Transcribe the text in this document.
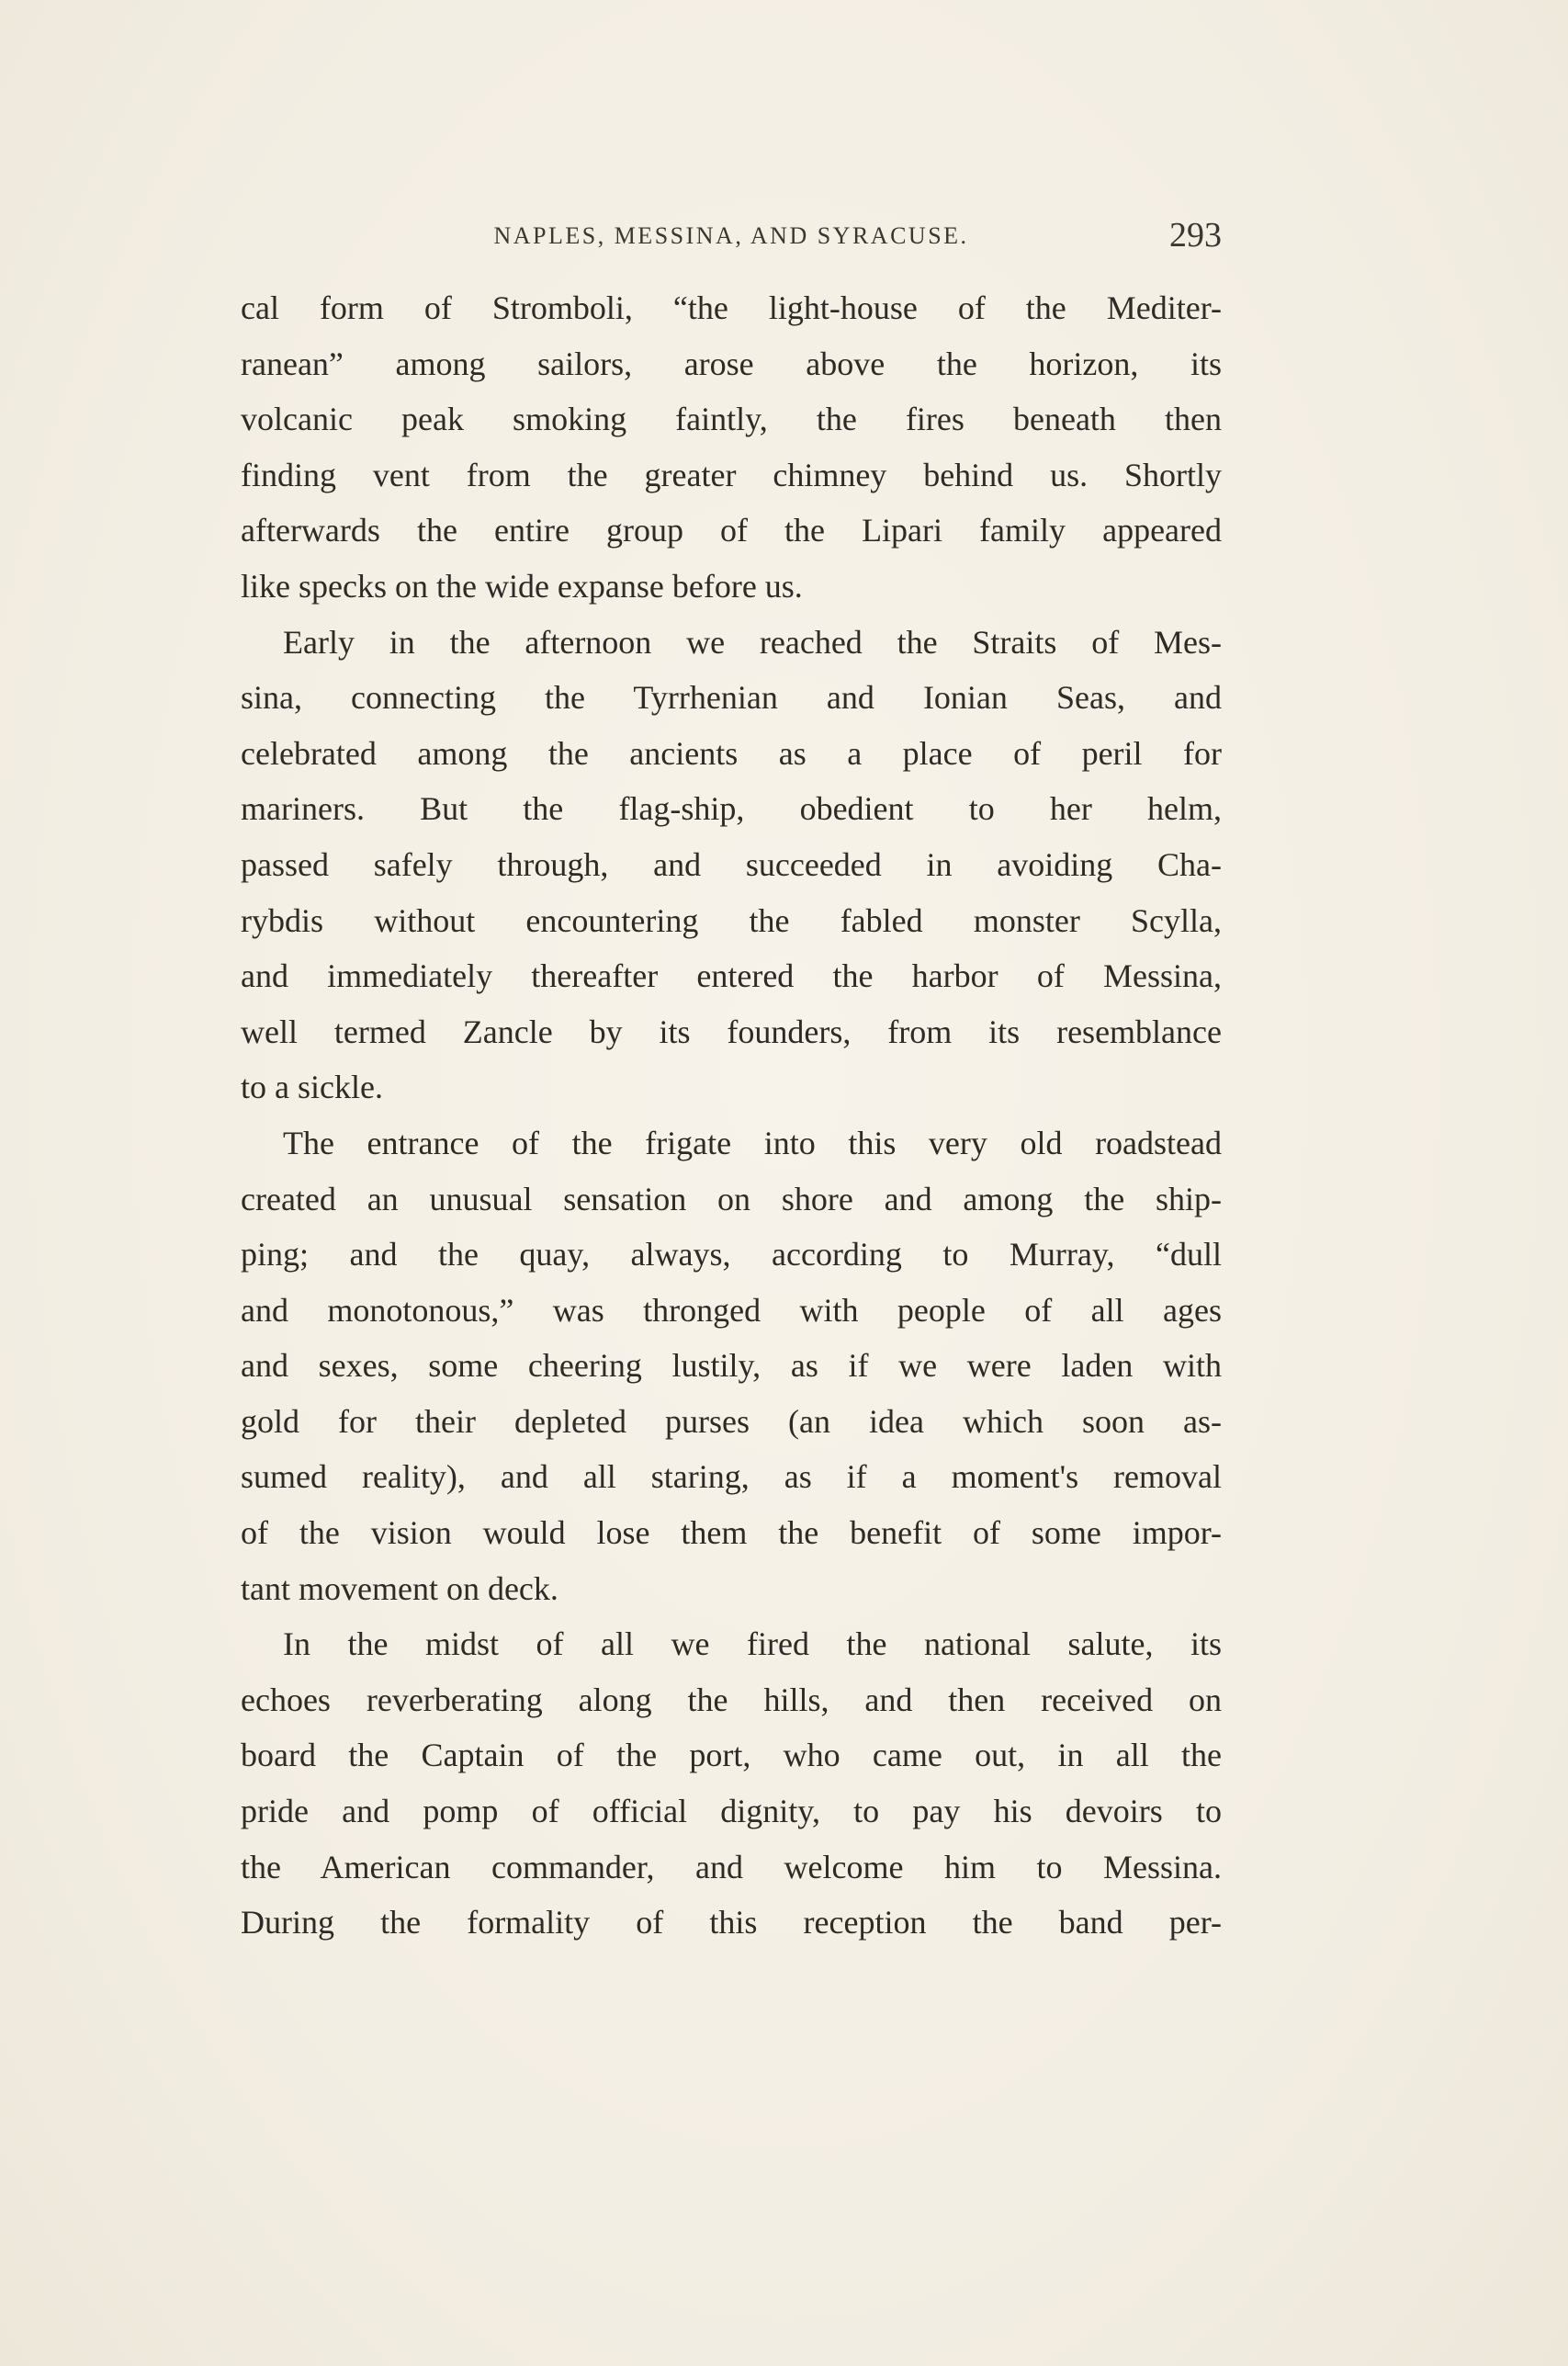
NAPLES, MESSINA, AND SYRACUSE.	293
cal form of Stromboli, “the light-house of the Mediter-
ranean” among sailors, arose above the horizon, its
volcanic peak smoking faintly, the fires beneath then
finding vent from the greater chimney behind us. Shortly
afterwards the entire group of the Lipari family appeared
like specks on the wide expanse before us.
Early in the afternoon we reached the Straits of Mes-
sina, connecting the Tyrrhenian and Ionian Seas, and
celebrated among the ancients as a place of peril for
mariners. But the flag-ship, obedient to her helm,
passed safely through, and succeeded in avoiding Cha-
rybdis without encountering the fabled monster Scylla,
and immediately thereafter entered the harbor of Messina,
well termed Zancle by its founders, from its resemblance
to a sickle.
The entrance of the frigate into this very old roadstead
created an unusual sensation on shore and among the ship-
ping; and the quay, always, according to Murray, “dull
and monotonous,” was thronged with people of all ages
and sexes, some cheering lustily, as if we were laden with
gold for their depleted purses (an idea which soon as-
sumed reality), and all staring, as if a moment's removal
of the vision would lose them the benefit of some impor-
tant movement on deck.
In the midst of all we fired the national salute, its
echoes reverberating along the hills, and then received on
board the Captain of the port, who came out, in all the
pride and pomp of official dignity, to pay his devoirs to
the American commander, and welcome him to Messina.
During the formality of this reception the band per-
